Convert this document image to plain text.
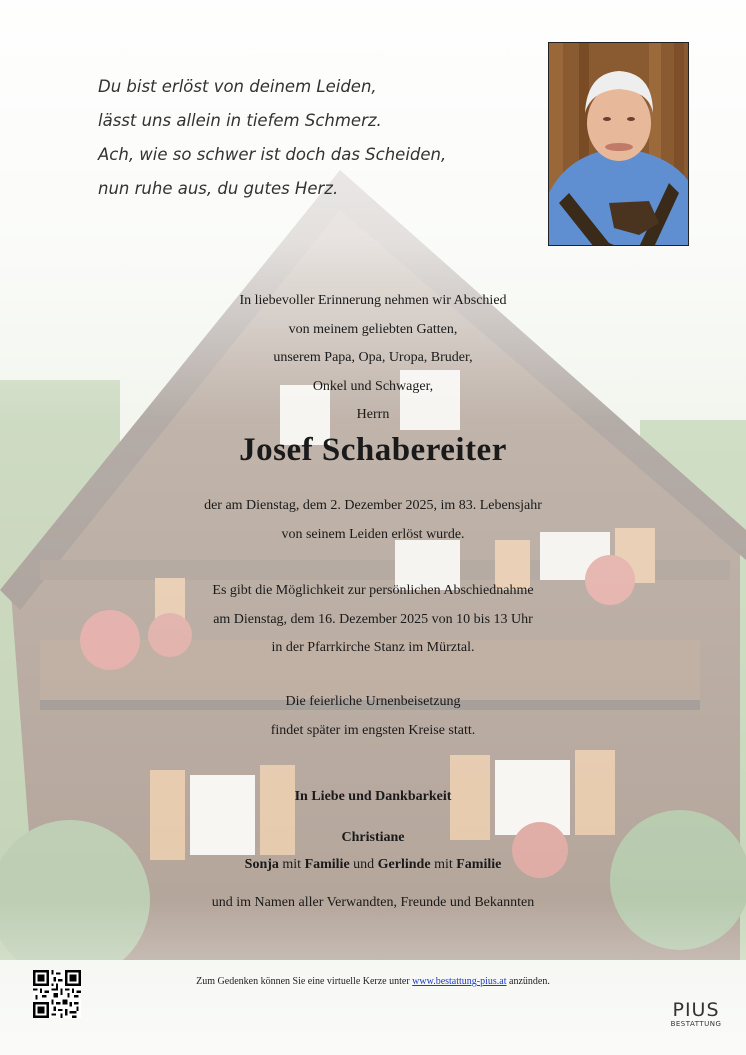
Du bist erlöst von deinem Leiden,
lässt uns allein in tiefem Schmerz.
Ach, wie so schwer ist doch das Scheiden,
nun ruhe aus, du gutes Herz.
In liebevoller Erinnerung nehmen wir Abschied
von meinem geliebten Gatten,
unserem Papa, Opa, Uropa, Bruder,
Onkel und Schwager,
Herrn
Josef Schabereiter
der am Dienstag, dem 2. Dezember 2025, im 83. Lebensjahr
von seinem Leiden erlöst wurde.
Es gibt die Möglichkeit zur persönlichen Abschiednahme
am Dienstag, dem 16. Dezember 2025 von 10 bis 13 Uhr
in der Pfarrkirche Stanz im Mürztal.
Die feierliche Urnenbeisetzung
findet später im engsten Kreise statt.
In Liebe und Dankbarkeit
Christiane
Sonja mit Familie und Gerlinde mit Familie
und im Namen aller Verwandten, Freunde und Bekannten
Zum Gedenken können Sie eine virtuelle Kerze unter www.bestattung-pius.at anzünden.
PIUS
BESTATTUNG
